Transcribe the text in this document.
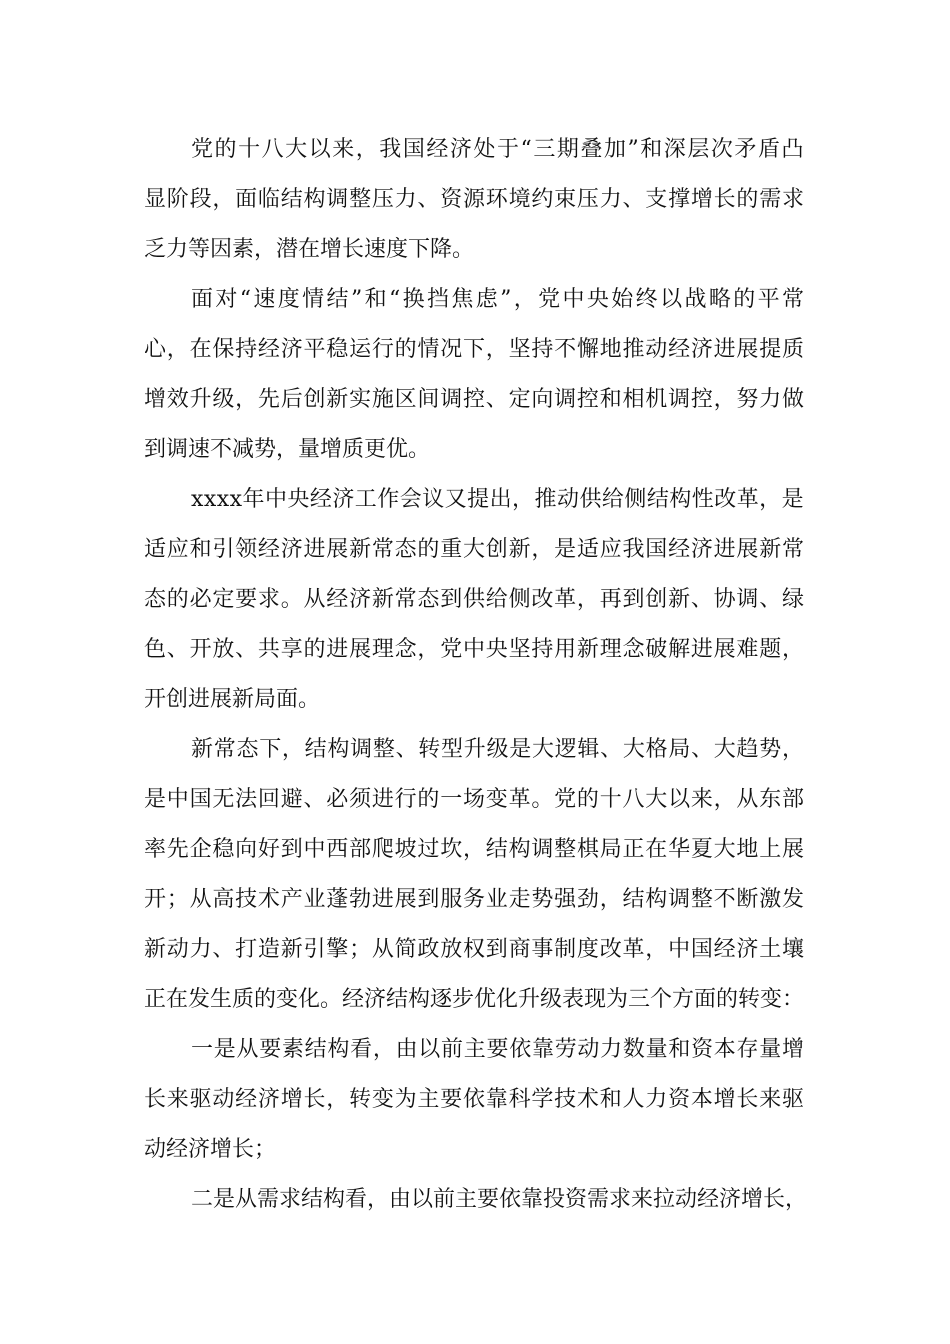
党的十八大以来，我国经济处于“三期叠加”和深层次矛盾凸
显阶段，面临结构调整压力、资源环境约束压力、支撑增长的需求
乏力等因素，潜在增长速度下降。
面对“速度情结”和“换挡焦虑”，党中央始终以战略的平常
心，在保持经济平稳运行的情况下，坚持不懈地推动经济进展提质
增效升级，先后创新实施区间调控、定向调控和相机调控，努力做
到调速不减势，量增质更优。
xxxx年中央经济工作会议又提出，推动供给侧结构性改革，是
适应和引领经济进展新常态的重大创新，是适应我国经济进展新常
态的必定要求。从经济新常态到供给侧改革，再到创新、协调、绿
色、开放、共享的进展理念，党中央坚持用新理念破解进展难题，
开创进展新局面。
新常态下，结构调整、转型升级是大逻辑、大格局、大趋势，
是中国无法回避、必须进行的一场变革。党的十八大以来，从东部
率先企稳向好到中西部爬坡过坎，结构调整棋局正在华夏大地上展
开；从高技术产业蓬勃进展到服务业走势强劲，结构调整不断激发
新动力、打造新引擎；从简政放权到商事制度改革，中国经济土壤
正在发生质的变化。经济结构逐步优化升级表现为三个方面的转变：
一是从要素结构看，由以前主要依靠劳动力数量和资本存量增
长来驱动经济增长，转变为主要依靠科学技术和人力资本增长来驱
动经济增长；
二是从需求结构看，由以前主要依靠投资需求来拉动经济增长，
